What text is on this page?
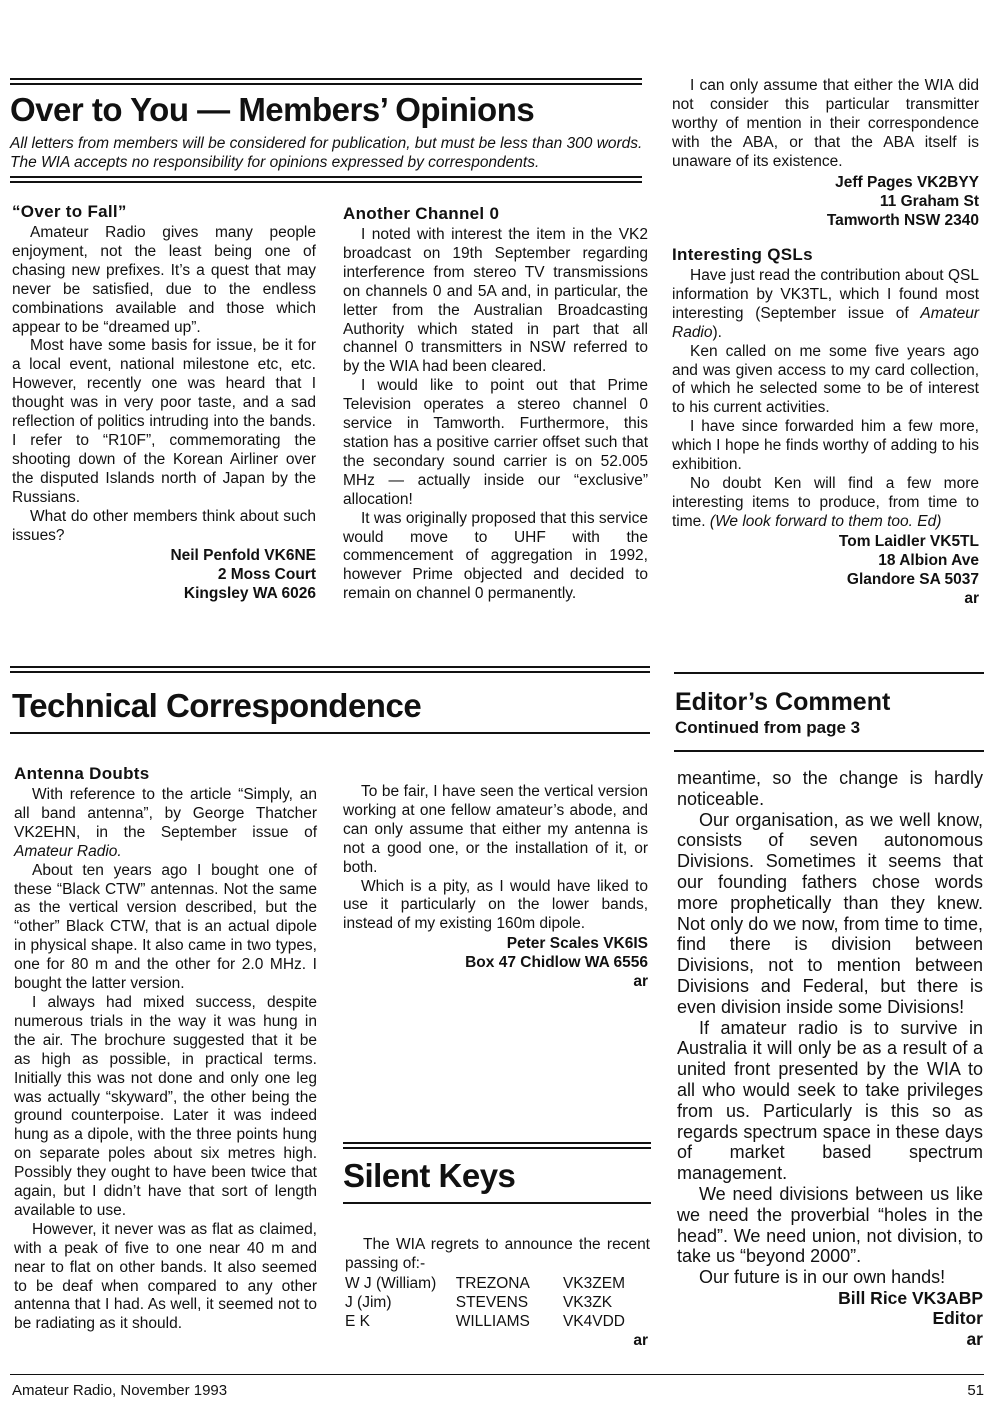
Over to You — Members’ Opinions
All letters from members will be considered for publication, but must be less than 300 words. The WIA accepts no responsibility for opinions expressed by correspondents.
“Over to Fall”

Amateur Radio gives many people enjoyment, not the least being one of chasing new prefixes. It’s a quest that may never be satisfied, due to the endless combinations available and those which appear to be “dreamed up”.

Most have some basis for issue, be it for a local event, national milestone etc, etc. However, recently one was heard that I thought was in very poor taste, and a sad reflection of politics intruding into the bands. I refer to “R10F”, commemorating the shooting down of the Korean Airliner over the disputed Islands north of Japan by the Russians.

What do other members think about such issues?

Neil Penfold VK6NE
2 Moss Court
Kingsley WA 6026
Another Channel 0

I noted with interest the item in the VK2 broadcast on 19th September regarding interference from stereo TV transmissions on channels 0 and 5A and, in particular, the letter from the Australian Broadcasting Authority which stated in part that all channel 0 transmitters in NSW referred to by the WIA had been cleared.

I would like to point out that Prime Television operates a stereo channel 0 service in Tamworth. Furthermore, this station has a positive carrier offset such that the secondary sound carrier is on 52.005 MHz — actually inside our “exclusive” allocation!

It was originally proposed that this service would move to UHF with the commencement of aggregation in 1992, however Prime objected and decided to remain on channel 0 permanently.

I can only assume that either the WIA did not consider this particular transmitter worthy of mention in their correspondence with the ABA, or that the ABA itself is unaware of its existence.

Jeff Pages VK2BYY
11 Graham St
Tamworth NSW 2340
Interesting QSLs

Have just read the contribution about QSL information by VK3TL, which I found most interesting (September issue of Amateur Radio).

Ken called on me some five years ago and was given access to my card collection, of which he selected some to be of interest to his current activities.

I have since forwarded him a few more, which I hope he finds worthy of adding to his exhibition.

No doubt Ken will find a few more interesting items to produce, from time to time. (We look forward to them too. Ed)

Tom Laidler VK5TL
18 Albion Ave
Glandore SA 5037
ar
Technical Correspondence
Antenna Doubts

With reference to the article “Simply, an all band antenna”, by George Thatcher VK2EHN, in the September issue of Amateur Radio.

About ten years ago I bought one of these “Black CTW” antennas. Not the same as the vertical version described, but the “other” Black CTW, that is an actual dipole in physical shape. It also came in two types, one for 80 m and the other for 2.0 MHz. I bought the latter version.

I always had mixed success, despite numerous trials in the way it was hung in the air. The brochure suggested that it be as high as possible, in practical terms. Initially this was not done and only one leg was actually “skyward”, the other being the ground counterpoise. Later it was indeed hung as a dipole, with the three points hung on separate poles about six metres high. Possibly they ought to have been twice that again, but I didn’t have that sort of length available to use.

However, it never was as flat as claimed, with a peak of five to one near 40 m and near to flat on other bands. It also seemed to be deaf when compared to any other antenna that I had. As well, it seemed not to be radiating as it should.

To be fair, I have seen the vertical version working at one fellow amateur’s abode, and can only assume that either my antenna is not a good one, or the installation of it, or both.

Which is a pity, as I would have liked to use it particularly on the lower bands, instead of my existing 160m dipole.

Peter Scales VK6IS
Box 47 Chidlow WA 6556
ar
Silent Keys

The WIA regrets to announce the recent passing of:-

W J (William)	TREZONA	VK3ZEM
J (Jim)	STEVENS	VK3ZK
E K	WILLIAMS	VK4VDD
ar
Editor’s Comment
Continued from page 3

meantime, so the change is hardly noticeable.

Our organisation, as we well know, consists of seven autonomous Divisions. Sometimes it seems that our founding fathers chose words more prophetically than they knew. Not only do we now, from time to time, find there is division between Divisions, not to mention between Divisions and Federal, but there is even division inside some Divisions!

If amateur radio is to survive in Australia it will only be as a result of a united front presented by the WIA to all who would seek to take privileges from us. Particularly is this so as regards spectrum space in these days of market based spectrum management.

We need divisions between us like we need the proverbial “holes in the head”. We need union, not division, to take us “beyond 2000”.

Our future is in our own hands!

Bill Rice VK3ABP
Editor
ar
Amateur Radio, November 1993	51
